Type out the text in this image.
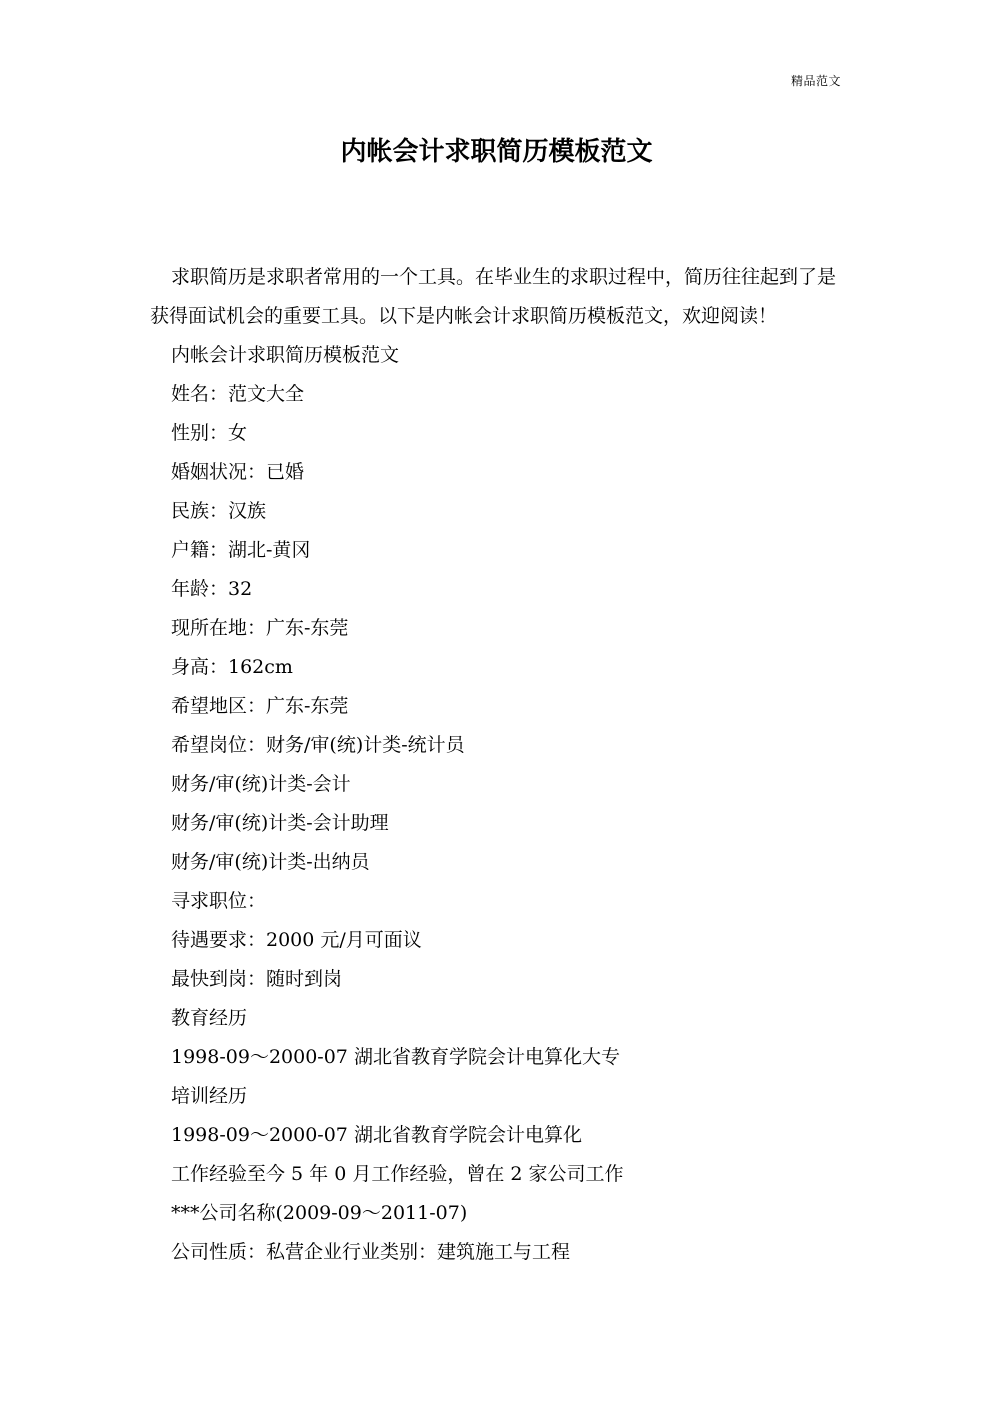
精品范文
内帐会计求职简历模板范文

求职简历是求职者常用的一个工具。在毕业生的求职过程中，简历往往起到了是获得面试机会的重要工具。以下是内帐会计求职简历模板范文，欢迎阅读！

内帐会计求职简历模板范文
姓名：范文大全
性别：女
婚姻状况：已婚
民族：汉族
户籍：湖北-黄冈
年龄：32
现所在地：广东-东莞
身高：162cm
希望地区：广东-东莞
希望岗位：财务/审(统)计类-统计员
财务/审(统)计类-会计
财务/审(统)计类-会计助理
财务/审(统)计类-出纳员
寻求职位：
待遇要求：2000 元/月可面议
最快到岗：随时到岗
教育经历
1998-09～2000-07 湖北省教育学院会计电算化大专
培训经历
1998-09～2000-07 湖北省教育学院会计电算化
工作经验至今 5 年 0 月工作经验，曾在 2 家公司工作
***公司名称(2009-09～2011-07)
公司性质：私营企业行业类别：建筑施工与工程
